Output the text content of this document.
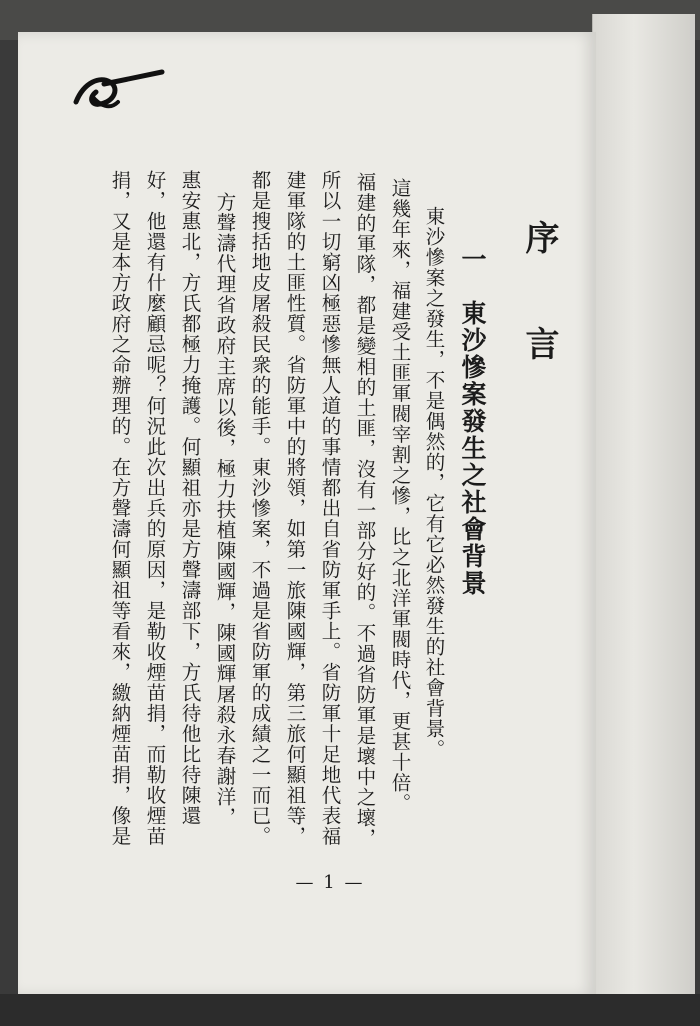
序 言
一　東沙慘案發生之社會背景
東沙慘案之發生，不是偶然的，它有它必然發生的社會背景。
這幾年來，福建受土匪軍閥宰割之慘，比之北洋軍閥時代，更甚十倍。
福建的軍隊，都是變相的土匪，沒有一部分好的。不過省防軍是壞中之壞，
所以一切窮凶極惡慘無人道的事情都出自省防軍手上。省防軍十足地代表福
建軍隊的土匪性質。省防軍中的將領，如第一旅陳國輝，第三旅何顯祖等，
都是搜括地皮屠殺民衆的能手。東沙慘案，不過是省防軍的成績之一而已。
方聲濤代理省政府主席以後，極力扶植陳國輝，陳國輝屠殺永春謝洋，
惠安惠北，方氏都極力掩護。何顯祖亦是方聲濤部下，方氏待他比待陳還
好，他還有什麼顧忌呢？何況此次出兵的原因，是勒收煙苗捐，而勒收煙苗
捐，又是本方政府之命辦理的。在方聲濤何顯祖等看來，繳納煙苗捐，像是
— 1 —
